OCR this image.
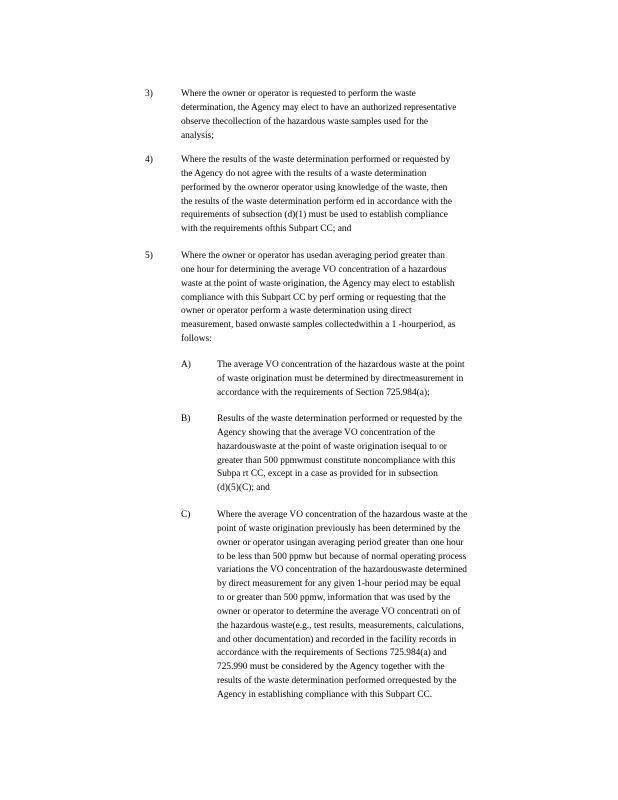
3)	Where the owner or operator is requested to perform the waste
determination, the Agency may elect to have an authorized representative
observe thecollection of the hazardous waste samples used for the
analysis;
4)	Where the results of the waste determination performed or requested by
the Agency do not agree with the results of a waste determination
performed by the owneror operator using knowledge of the waste, then
the results of the waste determination perform ed in accordance with the
requirements of subsection (d)(1) must be used to establish compliance
with the requirements ofthis Subpart CC; and
5)	Where the owner or operator has usedan averaging period greater than
one hour for determining the average VO concentration of a hazardous
waste at the point of waste origination, the Agency may elect to establish
compliance with this Subpart CC by perf orming or requesting that the
owner or operator perform a waste determination using direct
measurement, based onwaste samples collectedwithin a 1 -hourperiod, as
follows:
A)	The average VO concentration of the hazardous waste at the point
of waste origination must be determined by directmeasurement in
accordance with the requirements of Section 725.984(a);
B)	Results of the waste determination performed or requested by the
Agency showing that the average VO concentration of the
hazardouswaste at the point of waste origination isequal to or
greater than 500 ppmwmust constitute noncompliance with this
Subpa rt CC, except in a case as provided for in subsection
(d)(5)(C); and
C)	Where the average VO concentration of the hazardous waste at the
point of waste origination previously has been determined by the
owner or operator usingan averaging period greater than one hour
to be less than 500 ppmw but because of normal operating process
variations the VO concentration of the hazardouswaste determined
by direct measurement for any given 1-hour period may be equal
to or greater than 500 ppmw, information that was used by the
owner or operator to determine the average VO concentrati on of
the hazardous waste(e.g., test results, measurements, calculations,
and other documentation) and recorded in the facility records in
accordance with the requirements of Sections 725.984(a) and
725.990 must be considered by the Agency together with the
results of the waste determination performed orrequested by the
Agency in establishing compliance with this Subpart CC.
